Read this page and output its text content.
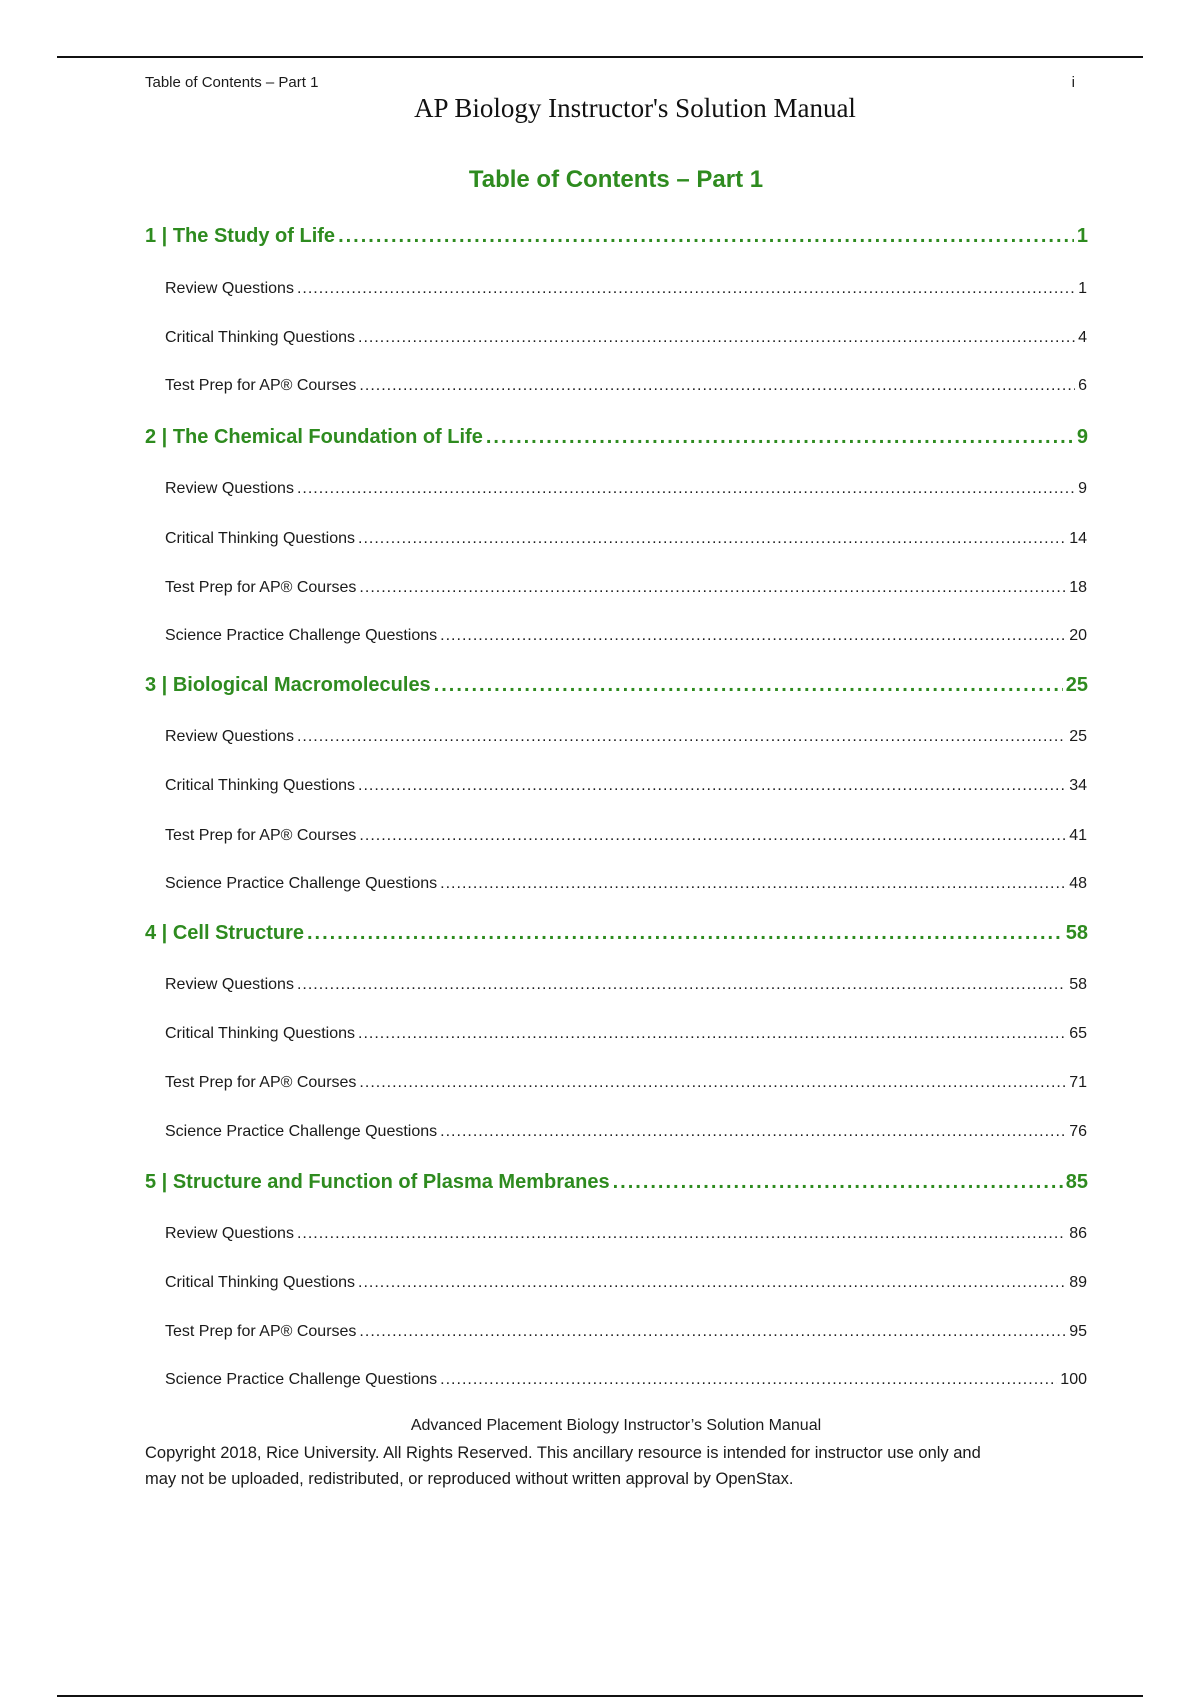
Table of Contents – Part 1	i
AP Biology Instructor's Solution Manual
Table of Contents – Part 1
1 | The Study of Life .....	1
Review Questions .....	1
Critical Thinking Questions .....	4
Test Prep for AP® Courses .....	6
2 | The Chemical Foundation of Life .....	9
Review Questions .....	9
Critical Thinking Questions .....	14
Test Prep for AP® Courses .....	18
Science Practice Challenge Questions .....	20
3 | Biological Macromolecules .....	25
Review Questions .....	25
Critical Thinking Questions .....	34
Test Prep for AP® Courses .....	41
Science Practice Challenge Questions .....	48
4 | Cell Structure .....	58
Review Questions .....	58
Critical Thinking Questions .....	65
Test Prep for AP® Courses .....	71
Science Practice Challenge Questions .....	76
5 | Structure and Function of Plasma Membranes .....	85
Review Questions .....	86
Critical Thinking Questions .....	89
Test Prep for AP® Courses .....	95
Science Practice Challenge Questions .....	100
Advanced Placement Biology Instructor’s Solution Manual
Copyright 2018, Rice University. All Rights Reserved. This ancillary resource is intended for instructor use only and
may not be uploaded, redistributed, or reproduced without written approval by OpenStax.
